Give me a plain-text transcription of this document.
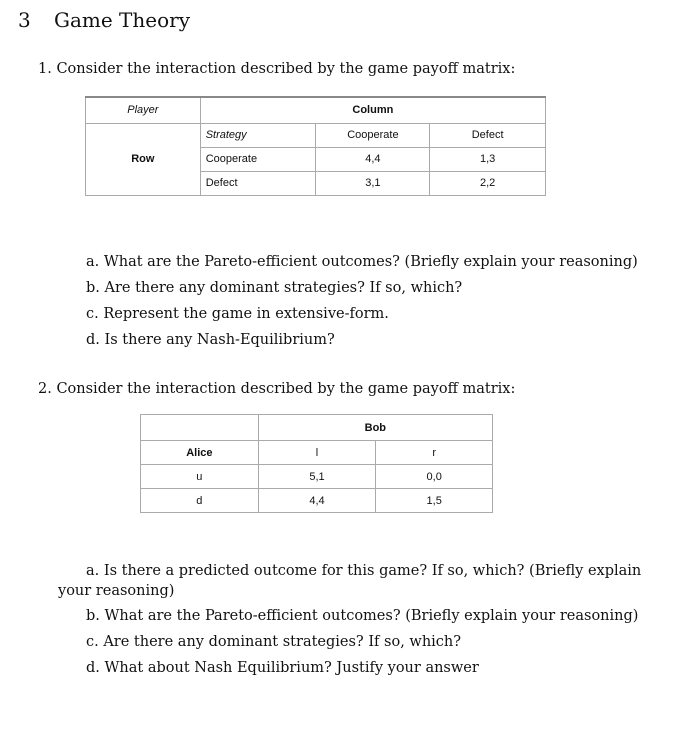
3 Game Theory
1. Consider the interaction described by the game payoff matrix:
Player	Column		
Row	Strategy	Cooperate	Defect
	Cooperate	4,4	1,3
	Defect	3,1	2,2
a. What are the Pareto-efficient outcomes? (Briefly explain your reasoning)
b. Are there any dominant strategies? If so, which?
c. Represent the game in extensive-form.
d. Is there any Nash-Equilibrium?
2. Consider the interaction described by the game payoff matrix:
	Bob	
Alice	l	r
u	5,1	0,0
d	4,4	1,5
a. Is there a predicted outcome for this game? If so, which? (Briefly explain
your reasoning)
b. What are the Pareto-efficient outcomes? (Briefly explain your reasoning)
c. Are there any dominant strategies? If so, which?
d. What about Nash Equilibrium? Justify your answer
